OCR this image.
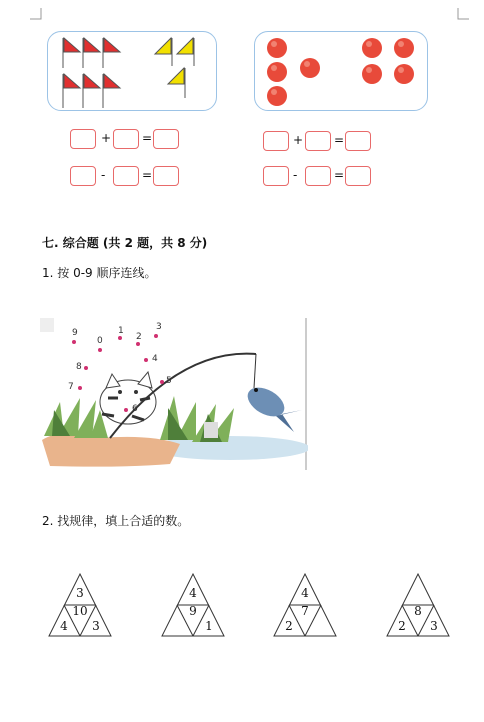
+	=
-	=
+	=
-	=
七. 综合题 (共 2 题，共 8 分)
1. 按 0-9 顺序连线。
9
0
1
2
3
8
4
7
5
6
2. 找规律，填上合适的数。
3
10
4	3
4
9
1
4
7
2
8
2	3
